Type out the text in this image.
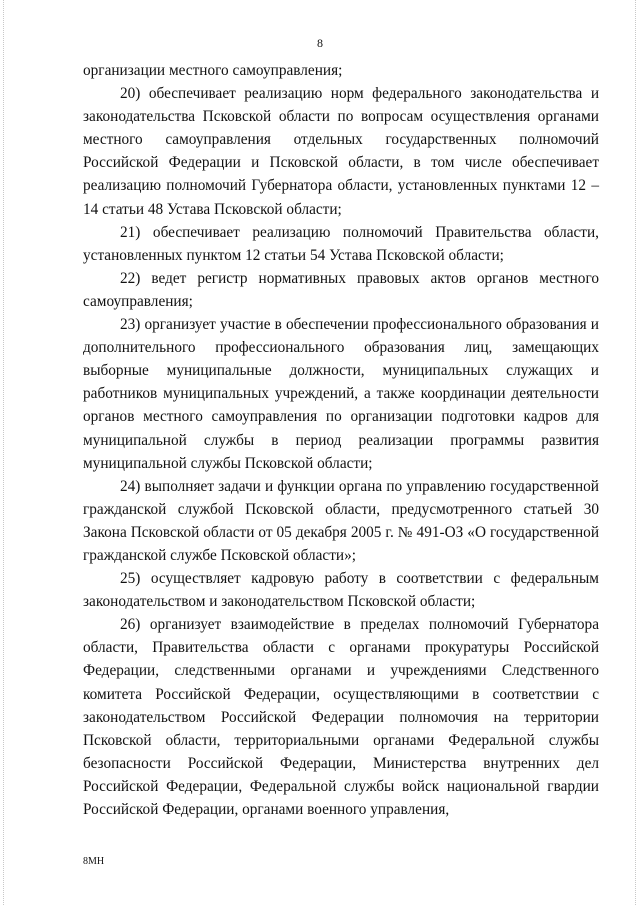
8

организации местного самоуправления;

20) обеспечивает реализацию норм федерального законодательства и законодательства Псковской области по вопросам осуществления органами местного самоуправления отдельных государственных полномочий Российской Федерации и Псковской области, в том числе обеспечивает реализацию полномочий Губернатора области, установленных пунктами 12 – 14 статьи 48 Устава Псковской области;

21) обеспечивает реализацию полномочий Правительства области, установленных пунктом 12 статьи 54 Устава Псковской области;

22) ведет регистр нормативных правовых актов органов местного самоуправления;

23) организует участие в обеспечении профессионального образования и дополнительного профессионального образования лиц, замещающих выборные муниципальные должности, муниципальных служащих и работников муниципальных учреждений, а также координации деятельности органов местного самоуправления по организации подготовки кадров для муниципальной службы в период реализации программы развития муниципальной службы Псковской области;

24) выполняет задачи и функции органа по управлению государственной гражданской службой Псковской области, предусмотренного статьей 30 Закона Псковской области от 05 декабря 2005 г. № 491-ОЗ «О государственной гражданской службе Псковской области»;

25) осуществляет кадровую работу в соответствии с федеральным законодательством и законодательством Псковской области;

26) организует взаимодействие в пределах полномочий Губернатора области, Правительства области с органами прокуратуры Российской Федерации, следственными органами и учреждениями Следственного комитета Российской Федерации, осуществляющими в соответствии с законодательством Российской Федерации полномочия на территории Псковской области, территориальными органами Федеральной службы безопасности Российской Федерации, Министерства внутренних дел Российской Федерации, Федеральной службы войск национальной гвардии Российской Федерации, органами военного управления,

8МН
